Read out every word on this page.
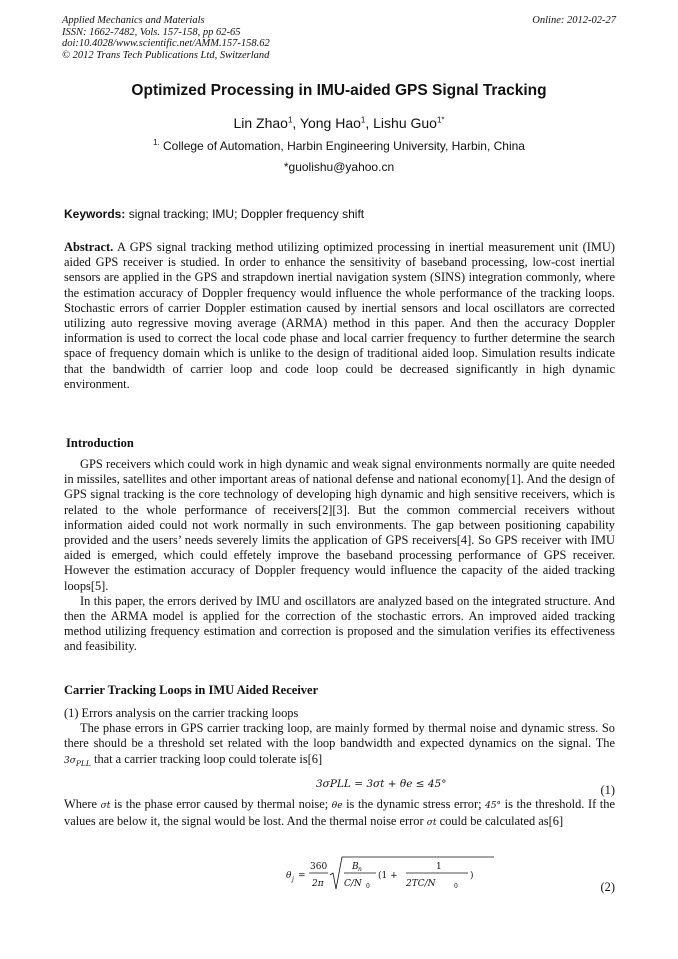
Applied Mechanics and Materials
ISSN: 1662-7482, Vols. 157-158, pp 62-65
doi:10.4028/www.scientific.net/AMM.157-158.62
© 2012 Trans Tech Publications Ltd, Switzerland
Online: 2012-02-27
Optimized Processing in IMU-aided GPS Signal Tracking
Lin Zhao$^1$, Yong Hao$^1$, Lishu Guo$^{1*}$
$^{1.}$ College of Automation, Harbin Engineering University, Harbin, China
*guolishu@yahoo.cn
Keywords: signal tracking; IMU; Doppler frequency shift

Abstract. A GPS signal tracking method utilizing optimized processing in inertial measurement unit (IMU) aided GPS receiver is studied. In order to enhance the sensitivity of baseband processing, low-cost inertial sensors are applied in the GPS and strapdown inertial navigation system (SINS) integration commonly, where the estimation accuracy of Doppler frequency would influence the whole performance of the tracking loops. Stochastic errors of carrier Doppler estimation caused by inertial sensors and local oscillators are corrected utilizing auto regressive moving average (ARMA) method in this paper. And then the accuracy Doppler information is used to correct the local code phase and local carrier frequency to further determine the search space of frequency domain which is unlike to the design of traditional aided loop. Simulation results indicate that the bandwidth of carrier loop and code loop could be decreased significantly in high dynamic environment.

Introduction

GPS receivers which could work in high dynamic and weak signal environments normally are quite needed in missiles, satellites and other important areas of national defense and national economy[1]. And the design of GPS signal tracking is the core technology of developing high dynamic and high sensitive receivers, which is related to the whole performance of receivers[2][3]. But the common commercial receivers without information aided could not work normally in such environments. The gap between positioning capability provided and the users’ needs severely limits the application of GPS receivers[4]. So GPS receiver with IMU aided is emerged, which could effetely improve the baseband processing performance of GPS receiver. However the estimation accuracy of Doppler frequency would influence the capacity of the aided tracking loops[5].

In this paper, the errors derived by IMU and oscillators are analyzed based on the integrated structure. And then the ARMA model is applied for the correction of the stochastic errors. An improved aided tracking method utilizing frequency estimation and correction is proposed and the simulation verifies its effectiveness and feasibility.

Carrier Tracking Loops in IMU Aided Receiver

(1) Errors analysis on the carrier tracking loops

The phase errors in GPS carrier tracking loop, are mainly formed by thermal noise and dynamic stress. So there should be a threshold set related with the loop bandwidth and expected dynamics on the signal. The $3\sigma_{PLL}$ that a carrier tracking loop could tolerate is[6]

3σPLL = 3σt + θe ≤ 45°	(1)

Where σt is the phase error caused by thermal noise; θe is the dynamic stress error; 45° is the threshold. If the values are below it, the signal would be lost. And the thermal noise error σt could be calculated as[6]

θ j =
360
2π
B n
C/N 0
(1 +
1
2TC/N	0
)
(2)
